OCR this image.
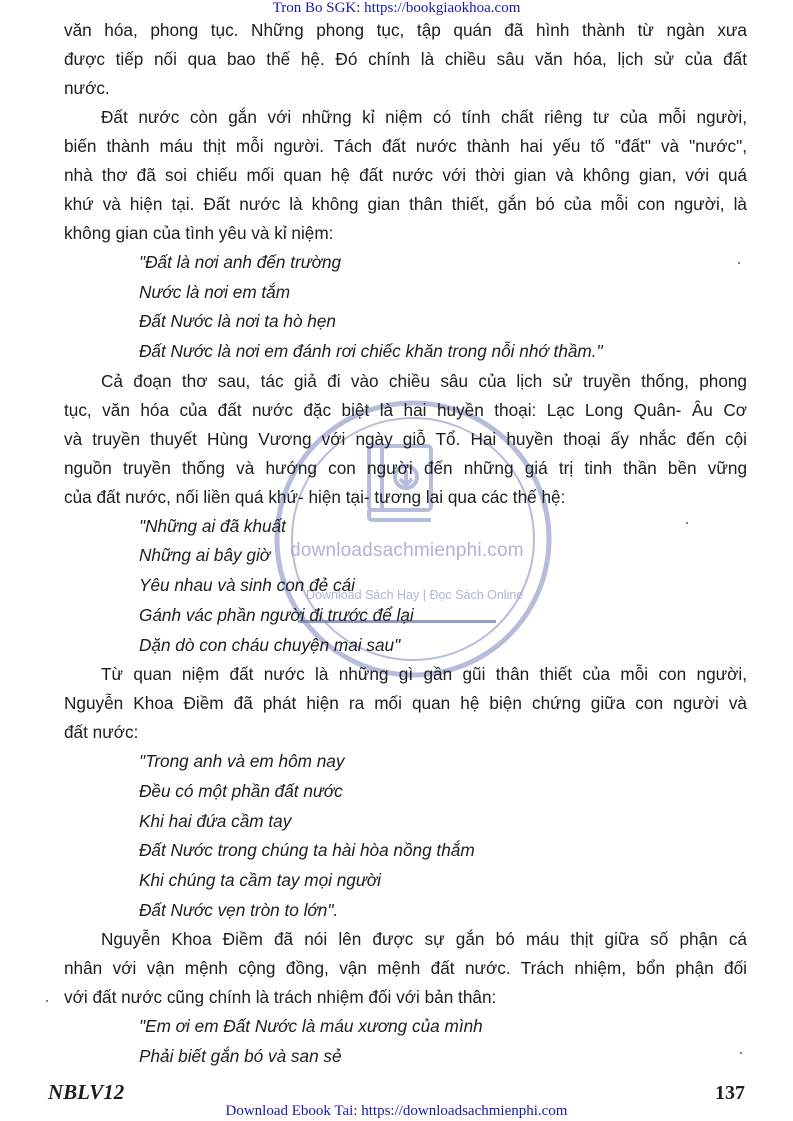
Tron Bo SGK: https://bookgiaokhoa.com
downloadsachmienphi.com
Download Sách Hay | Đọc Sách Online
văn hóa, phong tục. Những phong tục, tập quán đã hình thành từ ngàn xưa
được tiếp nối qua bao thế hệ. Đó chính là chiều sâu văn hóa, lịch sử của đất
nước.
Đất nước còn gắn với những kỉ niệm có tính chất riêng tư của mỗi người,
biến thành máu thịt mỗi người. Tách đất nước thành hai yếu tố "đất" và "nước",
nhà thơ đã soi chiếu mối quan hệ đất nước với thời gian và không gian, với quá
khứ và hiện tại. Đất nước là không gian thân thiết, gắn bó của mỗi con người, là
không gian của tình yêu và kỉ niệm:
"Đất là nơi anh đến trường
Nước là nơi em tắm
Đất Nước là nơi ta hò hẹn
Đất Nước là nơi em đánh rơi chiếc khăn trong nỗi nhớ thầm."
Cả đoạn thơ sau, tác giả đi vào chiều sâu của lịch sử truyền thống, phong
tục, văn hóa của đất nước đặc biệt là hai huyền thoại: Lạc Long Quân- Âu Cơ
và truyền thuyết Hùng Vương với ngày giỗ Tổ. Hai huyền thoại ấy nhắc đến cội
nguồn truyền thống và hướng con người đến những giá trị tinh thần bền vững
của đất nước, nối liền quá khứ- hiện tại- tương lai qua các thế hệ:
"Những ai đã khuất
Những ai bây giờ
Yêu nhau và sinh con đẻ cái
Gánh vác phần người đi trước để lại
Dặn dò con cháu chuyện mai sau"
Từ quan niệm đất nước là những gì gần gũi thân thiết của mỗi con người,
Nguyễn Khoa Điềm đã phát hiện ra mối quan hệ biện chứng giữa con người và
đất nước:
"Trong anh và em hôm nay
Đều có một phần đất nước
Khi hai đứa cầm tay
Đất Nước trong chúng ta hài hòa nồng thắm
Khi chúng ta cầm tay mọi người
Đất Nước vẹn tròn to lớn".
Nguyễn Khoa Điềm đã nói lên được sự gắn bó máu thịt giữa số phận cá
nhân với vận mệnh cộng đồng, vận mệnh đất nước. Trách nhiệm, bổn phận đối
với đất nước cũng chính là trách nhiệm đối với bản thân:
"Em ơi em Đất Nước là máu xương của mình
Phải biết gắn bó và san sẻ
NBLV12	137
Download Ebook Tai: https://downloadsachmienphi.com
